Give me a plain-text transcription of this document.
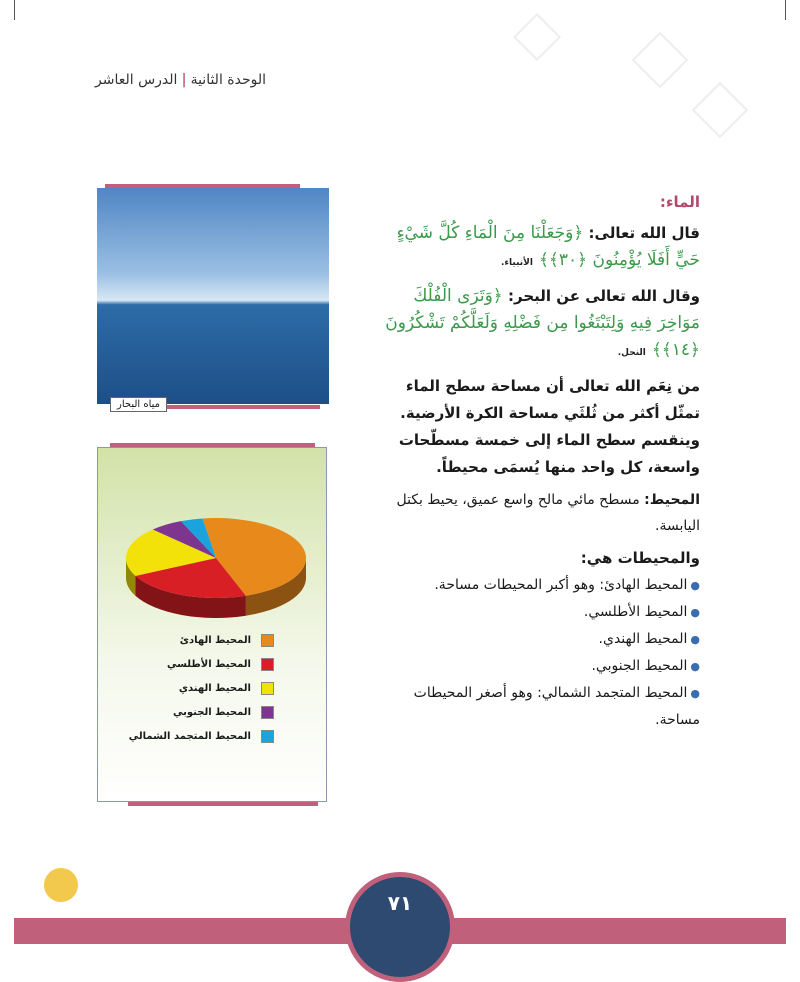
الوحدة الثانية|الدرس العاشر
مياه البحار
الماء:
قال الله تعالى: ﴿وَجَعَلْنَا مِنَ الْمَاءِ كُلَّ شَيْءٍ حَيٍّ أَفَلَا يُؤْمِنُونَ ﴿٣٠﴾﴾الأنبياء.
وقال الله تعالى عن البحر: ﴿وَتَرَى الْفُلْكَ مَوَاخِرَ فِيهِ وَلِتَبْتَغُوا مِن فَضْلِهِ وَلَعَلَّكُمْ تَشْكُرُونَ ﴿١٤﴾﴾النحل.
من نِعَم الله تعالى أن مساحة سطح الماء تمثّل أكثر من ثُلثَي مساحة الكرة الأرضية. وينقسم سطح الماء إلى خمسة مسطّحات واسعة، كل واحد منها يُسمَى محيطاً.
المحيط: مسطح مائي مالح واسع عميق، يحيط بكتل اليابسة.
والمحيطات هي:
●المحيط الهادئ: وهو أكبر المحيطات مساحة.
●المحيط الأطلسي.
●المحيط الهندي.
●المحيط الجنوبي.
●المحيط المتجمد الشمالي: وهو أصغر المحيطات مساحة.
المحيط الهادئ
المحيط الأطلسي
المحيط الهندي
المحيط الجنوبي
المحيط المتجمد الشمالي
٧١
